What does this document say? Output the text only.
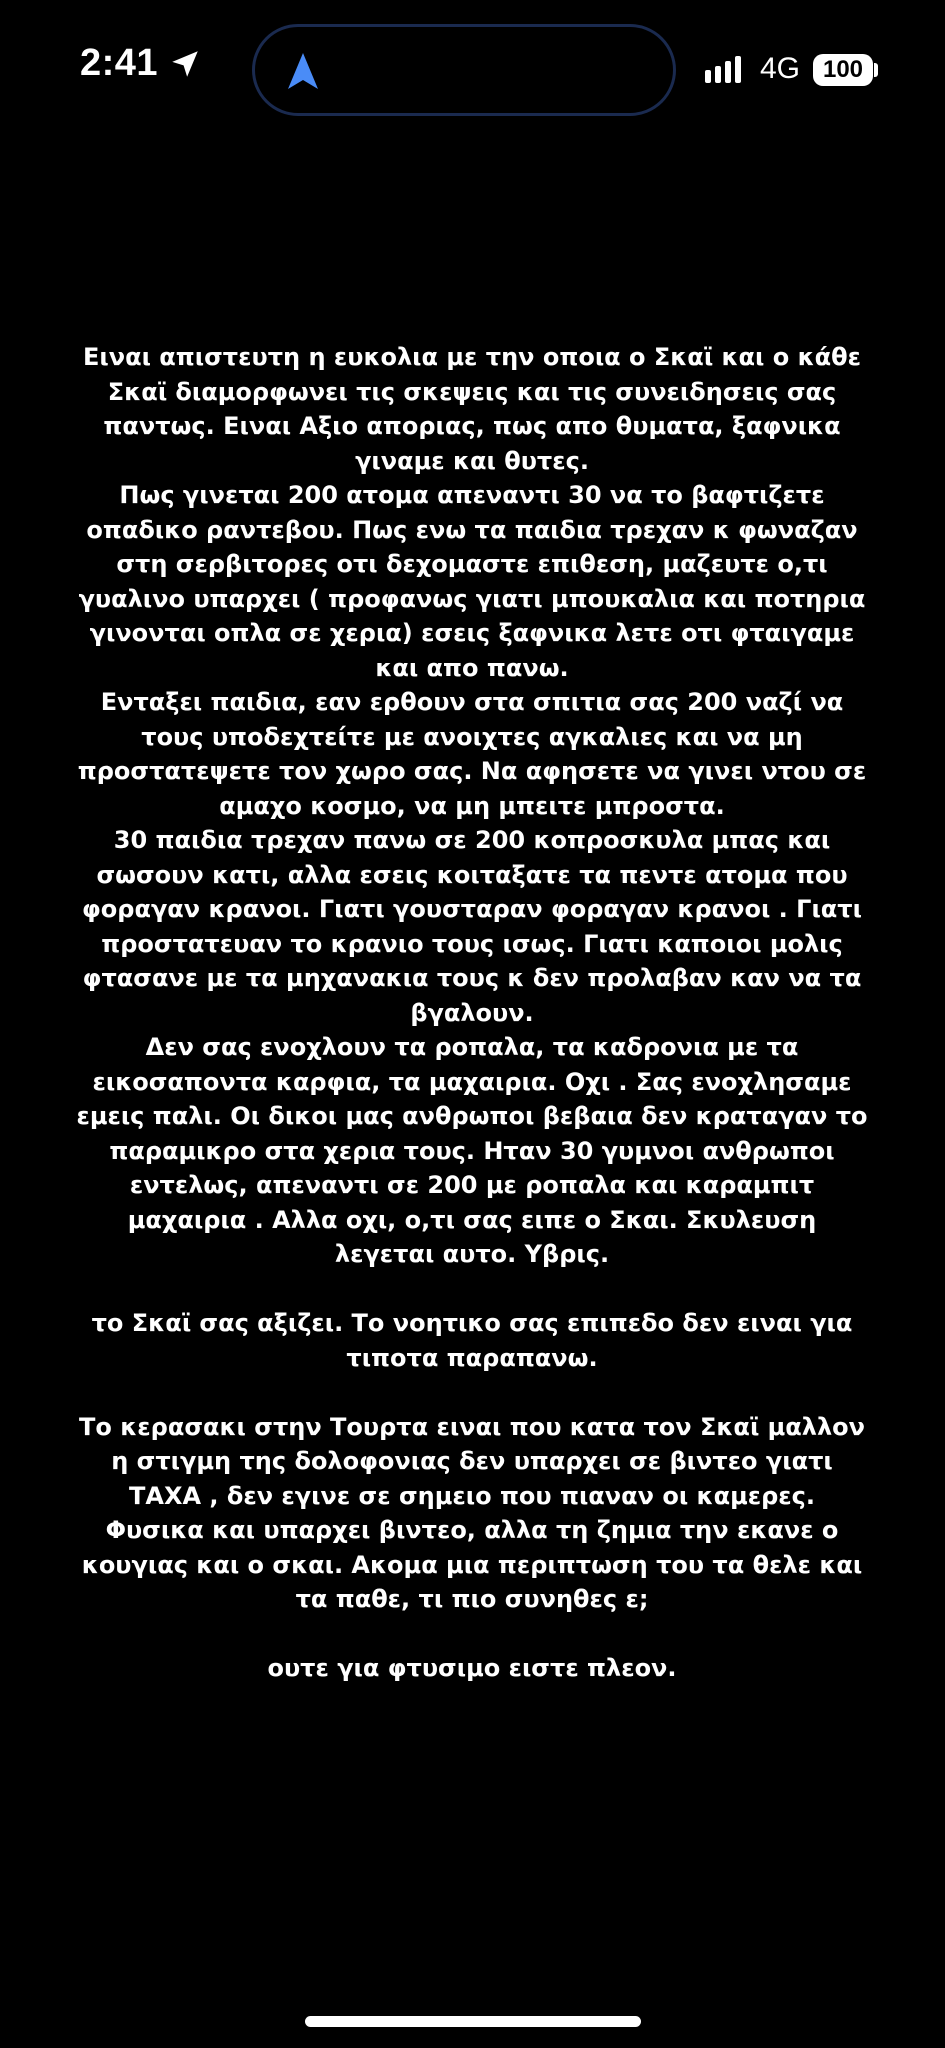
2:41	4G 100

Ειναι απιστευτη η ευκολια με την οποια ο Σκαϊ και ο κάθε

Σκαϊ διαμορφωνει τις σκεψεις και τις συνειδησεις σας

παντως. Ειναι Αξιο αποριας, πως απο θυματα, ξαφνικα

γιναμε και θυτες.

Πως γινεται 200 ατομα απεναντι 30 να το βαφτιζετε

οπαδικο ραντεβου. Πως ενω τα παιδια τρεχαν κ φωναζαν

στη σερβιτορες οτι δεχομαστε επιθεση, μαζευτε ο,τι

γυαλινο υπαρχει ( προφανως γιατι μπουκαλια και ποτηρια

γινονται οπλα σε χερια) εσεις ξαφνικα λετε οτι φταιγαμε

και απο πανω.

Ενταξει παιδια, εαν ερθουν στα σπιτια σας 200 ναζί να

τους υποδεχτείτε με ανοιχτες αγκαλιες και να μη

προστατεψετε τον χωρο σας. Να αφησετε να γινει ντου σε

αμαχο κοσμο, να μη μπειτε μπροστα.

30 παιδια τρεχαν πανω σε 200 κοπροσκυλα μπας και

σωσουν κατι, αλλα εσεις κοιταξατε τα πεντε ατομα που

φοραγαν κρανοι. Γιατι γουσταραν φοραγαν κρανοι . Γιατι

προστατευαν το κρανιο τους ισως. Γιατι καποιοι μολις

φτασανε με τα μηχανακια τους κ δεν προλαβαν καν να τα

βγαλουν.

Δεν σας ενοχλουν τα ροπαλα, τα καδρονια με τα

εικοσαποντα καρφια, τα μαχαιρια. Οχι . Σας ενοχλησαμε

εμεις παλι. Οι δικοι μας ανθρωποι βεβαια δεν κραταγαν το

παραμικρο στα χερια τους. Ηταν 30 γυμνοι ανθρωποι

εντελως, απεναντι σε 200 με ροπαλα και καραμπιτ

μαχαιρια . Αλλα οχι, ο,τι σας ειπε ο Σκαι. Σκυλευση

λεγεται αυτο. Υβρις.

το Σκαϊ σας αξιζει. Το νοητικο σας επιπεδο δεν ειναι για

τιποτα παραπανω.

Το κερασακι στην Τουρτα ειναι που κατα τον Σκαϊ μαλλον

η στιγμη της δολοφονιας δεν υπαρχει σε βιντεο γιατι

ΤΑΧΑ , δεν εγινε σε σημειο που πιαναν οι καμερες.

Φυσικα και υπαρχει βιντεο, αλλα τη ζημια την εκανε ο

κουγιας και ο σκαι. Ακομα μια περιπτωση του τα θελε και

τα παθε, τι πιο συνηθες ε;

ουτε για φτυσιμο ειστε πλεον.
